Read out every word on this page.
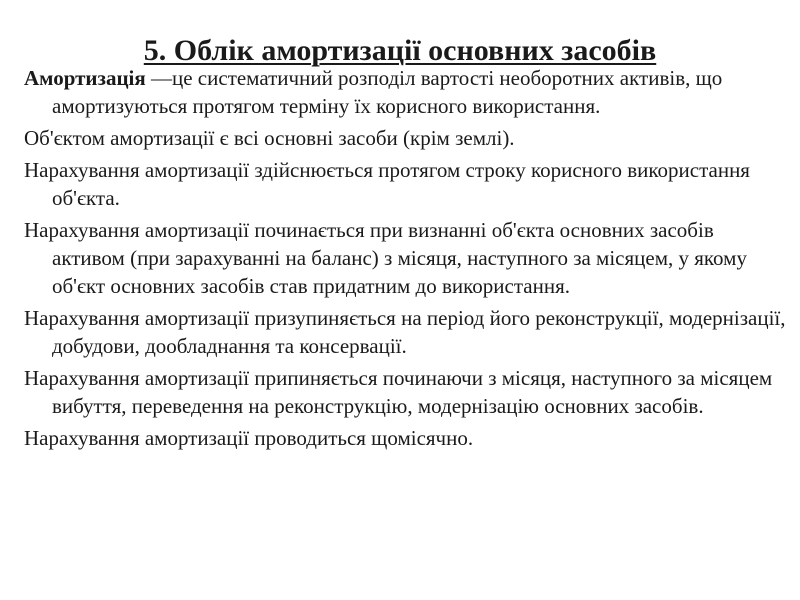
5. Облік амортизації основних засобів

Амортизація —це систематичний розподіл вартості необоротних активів, що амортизуються протягом терміну їх корисного використання.

Об'єктом амортизації є всі основні засоби (крім землі).

Нарахування амортизації здійснюється протягом строку корисного використання об'єкта.

Нарахування амортизації починається при визнанні об'єкта основних засобів активом (при зарахуванні на баланс) з місяця, наступного за місяцем, у якому об'єкт основних засобів став придатним до використання.

Нарахування амортизації призупиняється на період його реконструкції, модернізації, добудови, дообладнання та консервації.

Нарахування амортизації припиняється починаючи з місяця, наступного за місяцем вибуття, переведення на реконструкцію, модернізацію основних засобів.

Нарахування амортизації проводиться щомісячно.
